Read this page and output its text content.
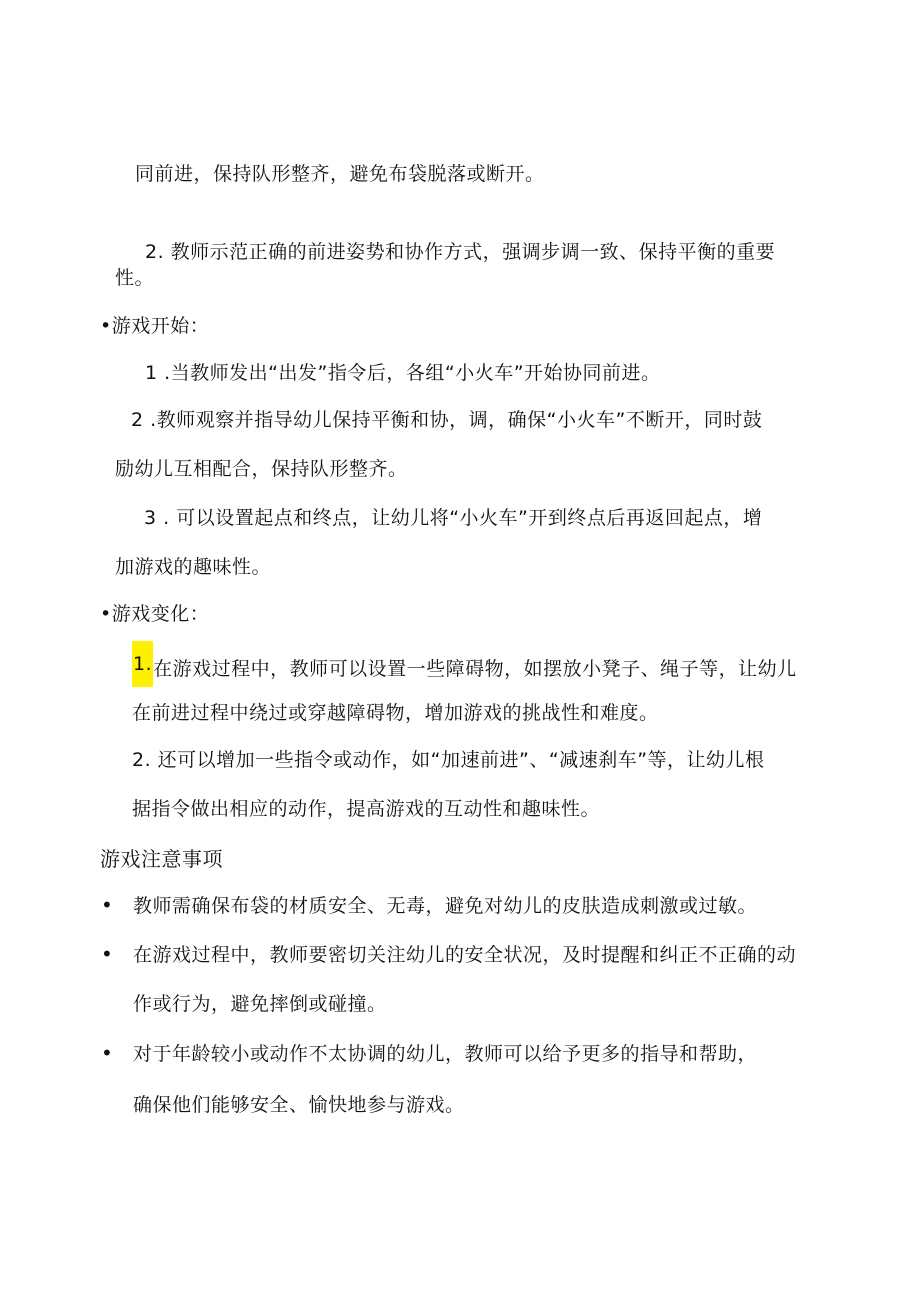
同前进，保持队形整齐，避免布袋脱落或断开。
2. 教师示范正确的前进姿势和协作方式，强调步调一致、保持平衡的重要
性。
•游戏开始：
1 .当教师发出“出发”指令后，各组“小火车”开始协同前进。
2 .教师观察并指导幼儿保持平衡和协，调，确保“小火车”不断开，同时鼓
励幼儿互相配合，保持队形整齐。
3 . 可以设置起点和终点，让幼儿将“小火车”开到终点后再返回起点，增
加游戏的趣味性。
•游戏变化：
1.在游戏过程中，教师可以设置一些障碍物，如摆放小凳子、绳子等，让幼儿
在前进过程中绕过或穿越障碍物，增加游戏的挑战性和难度。
2. 还可以增加一些指令或动作，如“加速前进”、“减速刹车”等，让幼儿根
据指令做出相应的动作，提高游戏的互动性和趣味性。
游戏注意事项
• 教师需确保布袋的材质安全、无毒，避免对幼儿的皮肤造成刺激或过敏。
• 在游戏过程中，教师要密切关注幼儿的安全状况，及时提醒和纠正不正确的动
作或行为，避免摔倒或碰撞。
• 对于年龄较小或动作不太协调的幼儿，教师可以给予更多的指导和帮助，
确保他们能够安全、愉快地参与游戏。
